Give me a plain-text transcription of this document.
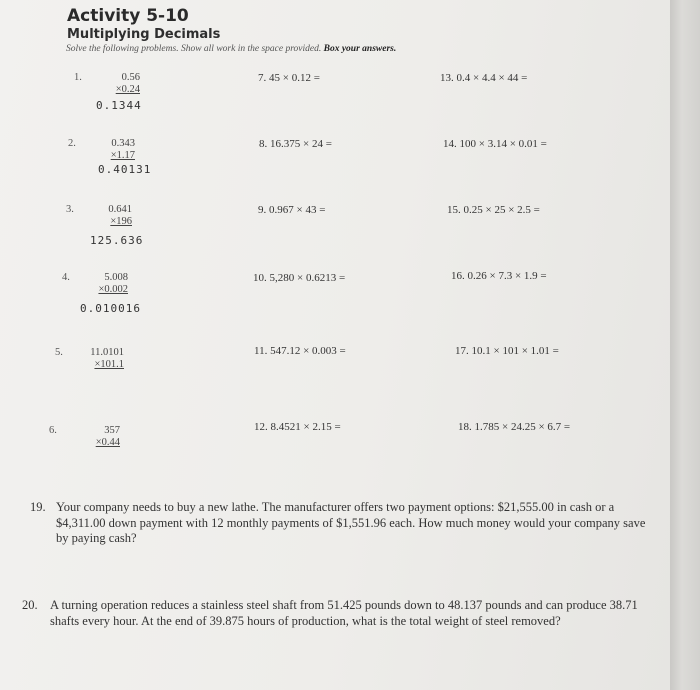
Activity 5-10
Multiplying Decimals
Solve the following problems. Show all work in the space provided. Box your answers.
1.	0.56
×0.24
0.1344
2.	0.343
×1.17
0.40131
3.	0.641
×196
125.636
4.	5.008
×0.002
0.010016
5.	11.0101
×101.1
6.	357
×0.44
7. 45 × 0.12 =
8. 16.375 × 24 =
9. 0.967 × 43 =
10. 5,280 × 0.6213 =
11. 547.12 × 0.003 =
12. 8.4521 × 2.15 =
13. 0.4 × 4.4 × 44 =
14. 100 × 3.14 × 0.01 =
15. 0.25 × 25 × 2.5 =
16. 0.26 × 7.3 × 1.9 =
17. 10.1 × 101 × 1.01 =
18. 1.785 × 24.25 × 6.7 =
19. Your company needs to buy a new lathe. The manufacturer offers two payment options: $21,555.00 in cash or a $4,311.00 down payment with 12 monthly payments of $1,551.96 each. How much money would your company save by paying cash?
20. A turning operation reduces a stainless steel shaft from 51.425 pounds down to 48.137 pounds and can produce 38.71 shafts every hour. At the end of 39.875 hours of production, what is the total weight of steel removed?
